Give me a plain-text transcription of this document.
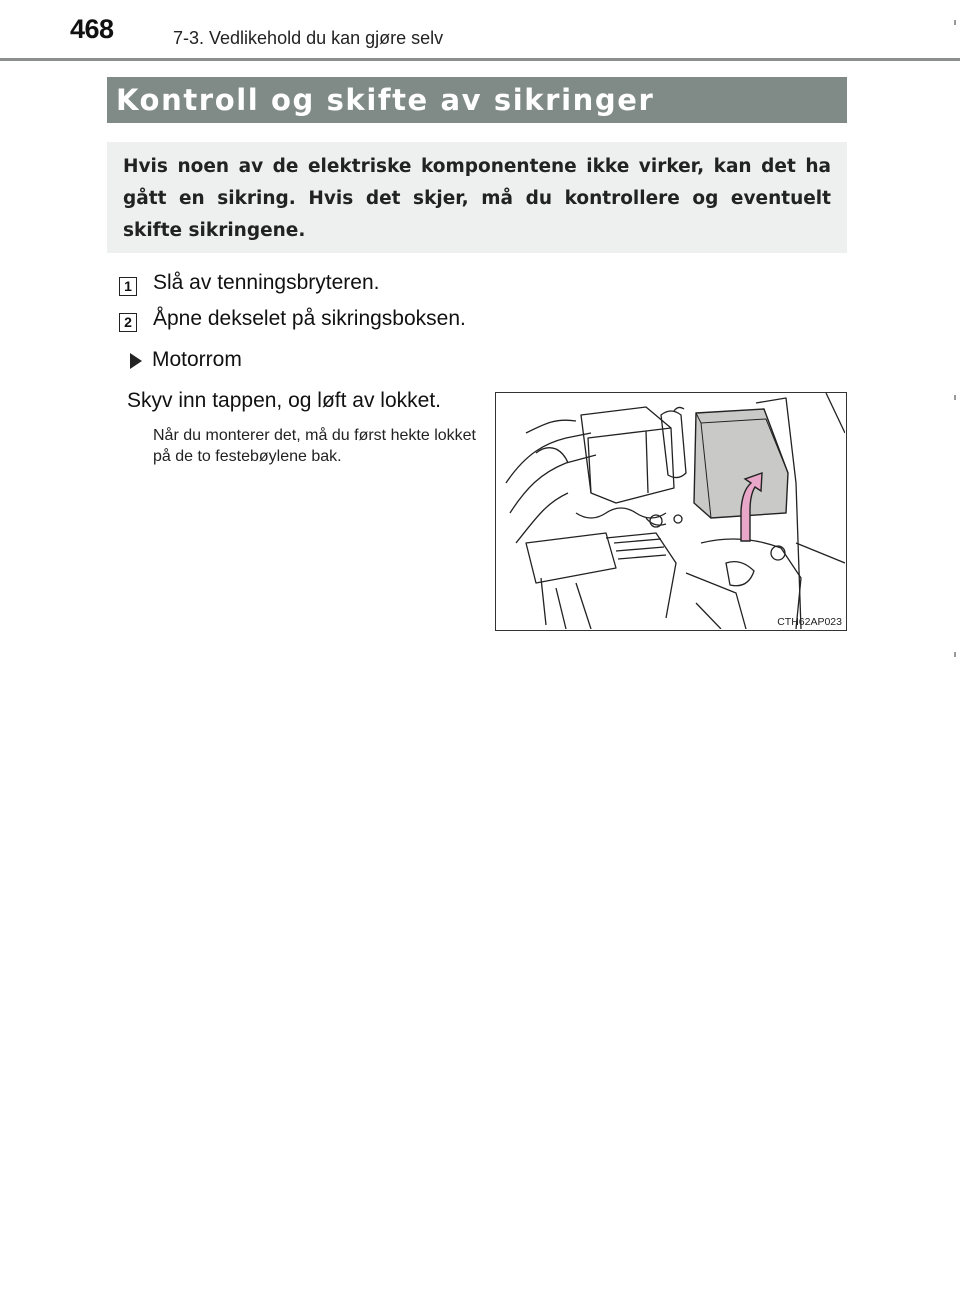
468	7-3. Vedlikehold du kan gjøre selv
Kontroll og skifte av sikringer
Hvis noen av de elektriske komponentene ikke virker, kan det ha gått en sikring. Hvis det skjer, må du kontrollere og eventuelt skifte sikringene.
1 Slå av tenningsbryteren.
2 Åpne dekselet på sikringsboksen.
Motorrom
Skyv inn tappen, og løft av lokket.
Når du monterer det, må du først hekte lokket på de to festebøylene bak.
CTH62AP023
